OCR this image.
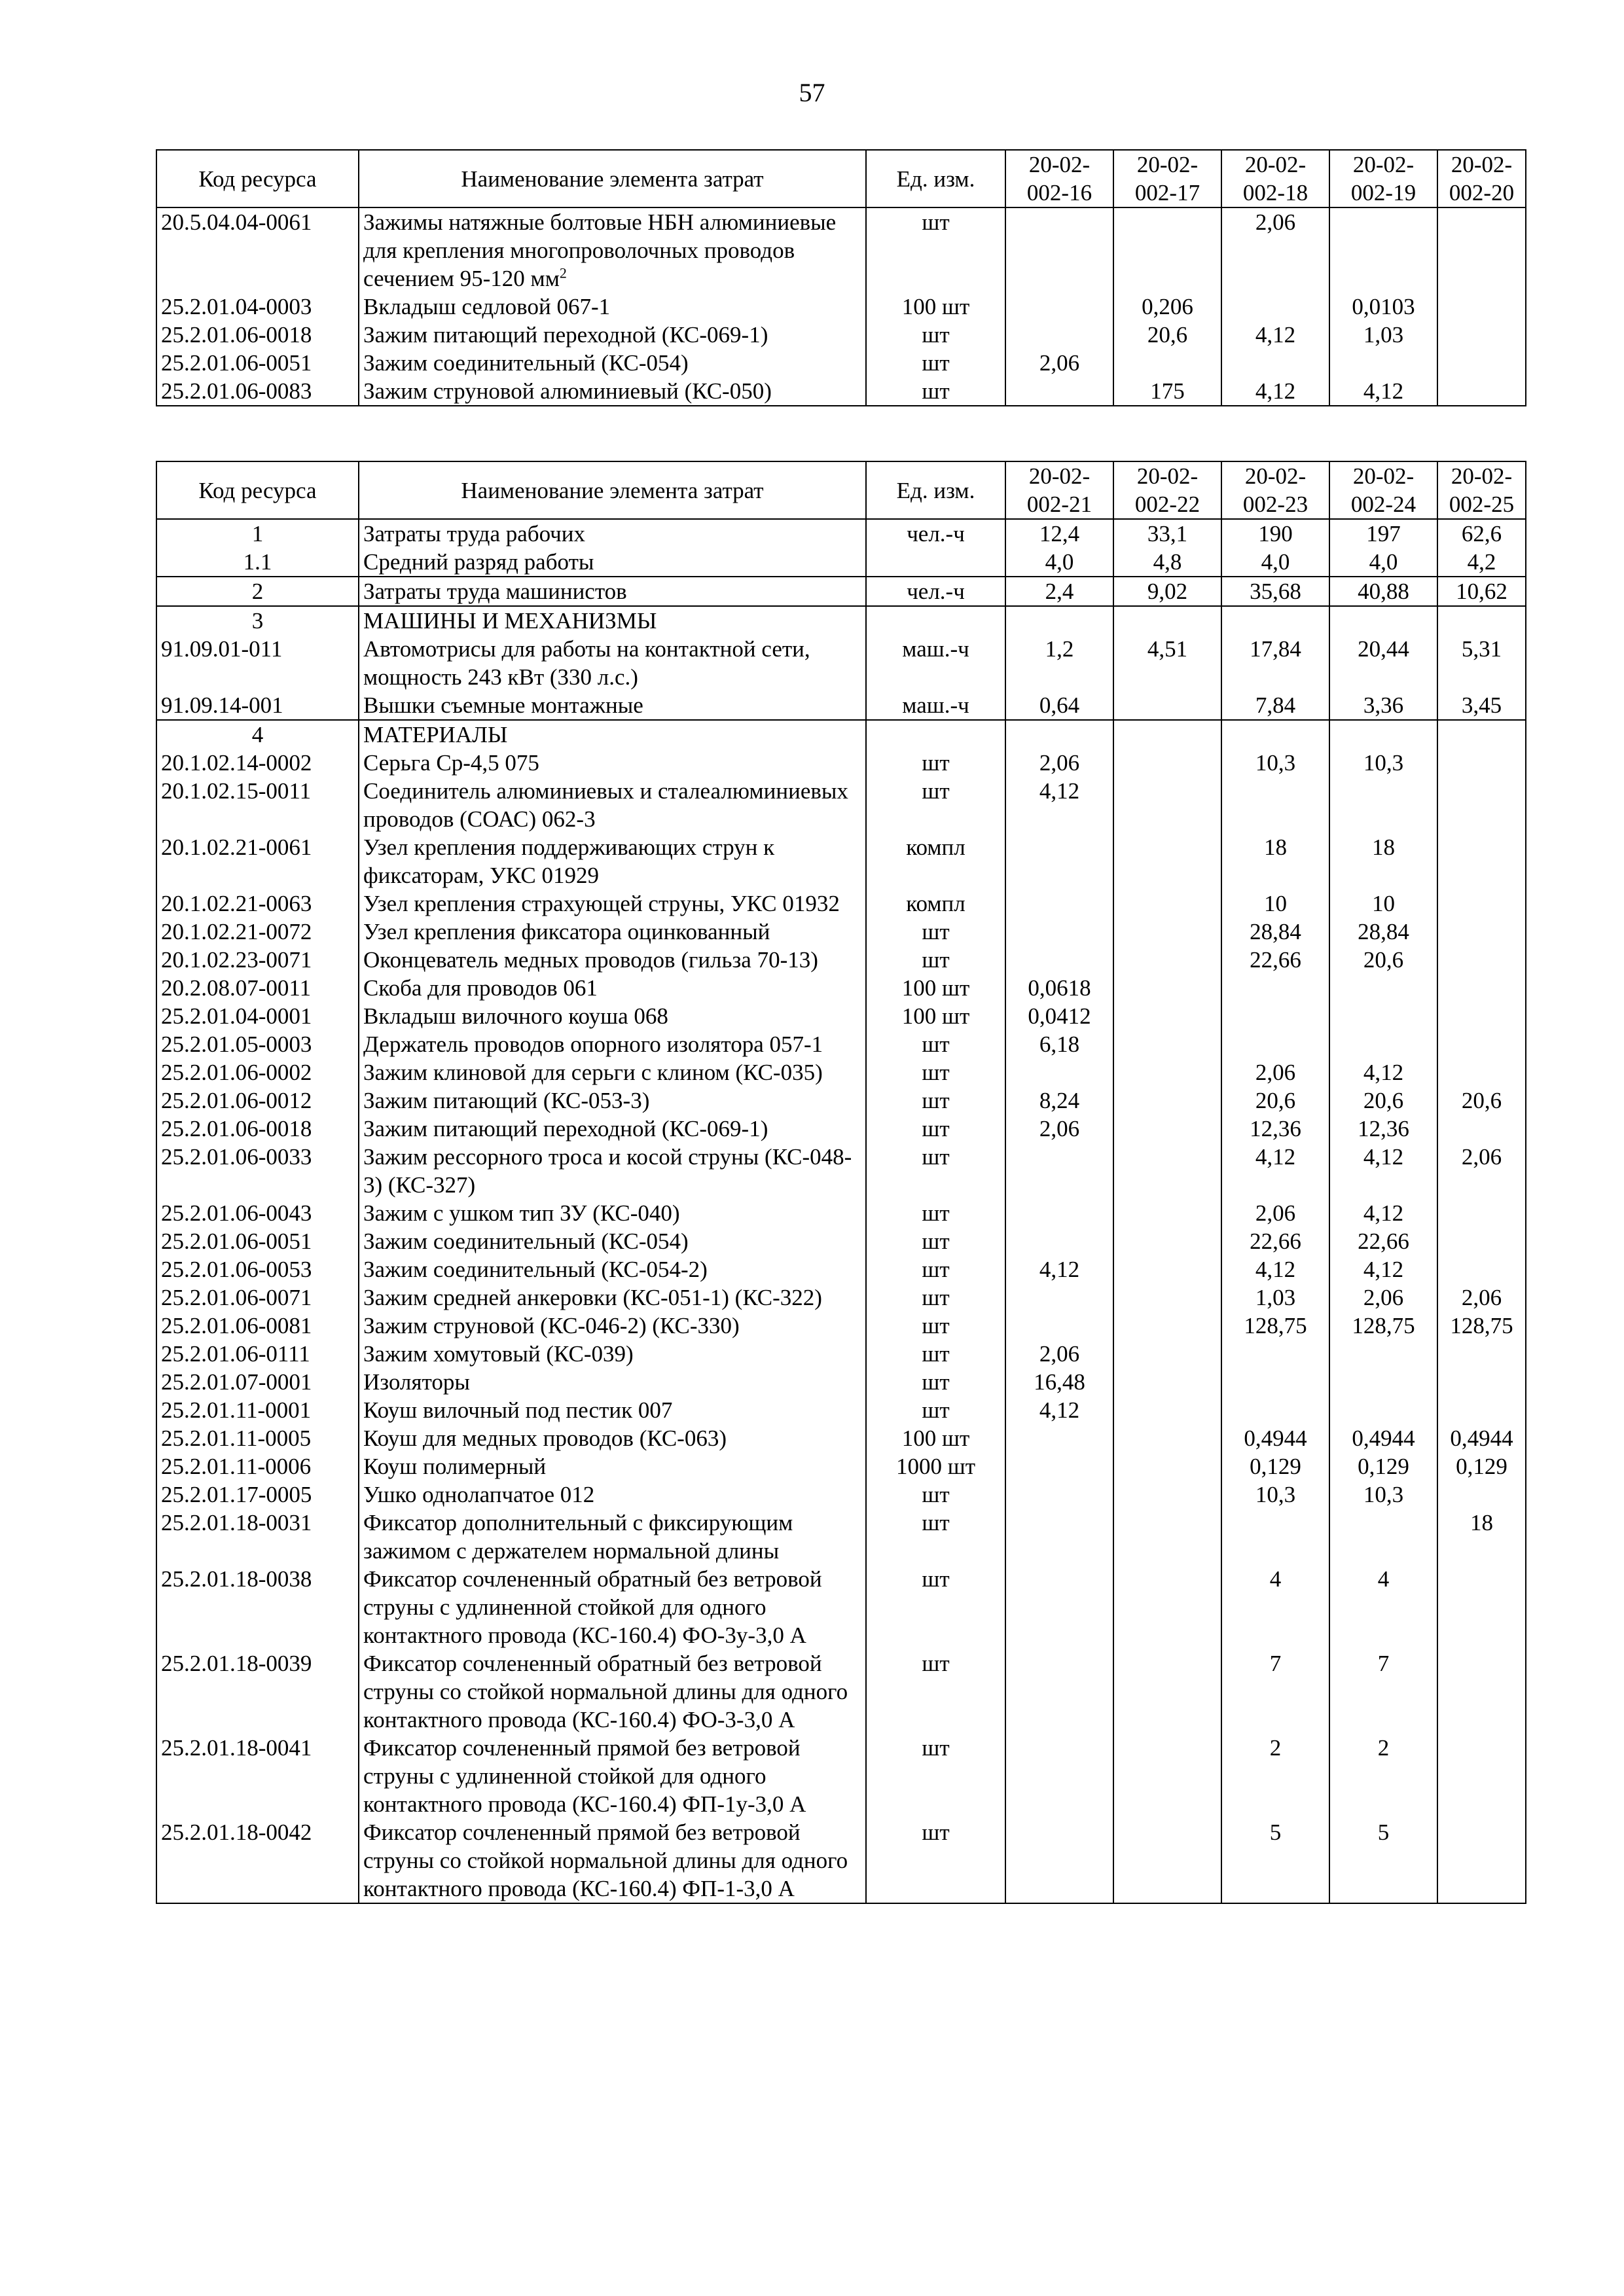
57
Код ресурса	Наименование элемента затрат	Ед. изм.	20-02-002-16	20-02-002-17	20-02-002-18	20-02-002-19	20-02-002-20
20.5.04.04-0061	Зажимы натяжные болтовые НБН алюминиевые для крепления многопроволочных проводов сечением 95-120 $мм^2$	шт			2,06		
25.2.01.04-0003	Вкладыш седловой 067-1	100 шт		0,206		0,0103	
25.2.01.06-0018	Зажим питающий переходной (КС-069-1)	шт		20,6	4,12	1,03	
25.2.01.06-0051	Зажим соединительный (КС-054)	шт	2,06				
25.2.01.06-0083	Зажим струновой алюминиевый (КС-050)	шт		175	4,12	4,12	
Код ресурса	Наименование элемента затрат	Ед. изм.	20-02-002-21	20-02-002-22	20-02-002-23	20-02-002-24	20-02-002-25
1	Затраты труда рабочих	чел.-ч	12,4	33,1	190	197	62,6
1.1	Средний разряд работы		4,0	4,8	4,0	4,0	4,2
2	Затраты труда машинистов	чел.-ч	2,4	9,02	35,68	40,88	10,62
3	МАШИНЫ И МЕХАНИЗМЫ						
91.09.01-011	Автомотрисы для работы на контактной сети, мощность 243 кВт (330 л.с.)	маш.-ч	1,2	4,51	17,84	20,44	5,31
91.09.14-001	Вышки съемные монтажные	маш.-ч	0,64		7,84	3,36	3,45
4	МАТЕРИАЛЫ						
20.1.02.14-0002	Серьга Ср-4,5 075	шт	2,06		10,3	10,3	
20.1.02.15-0011	Соединитель алюминиевых и сталеалюминиевых проводов (СОАС) 062-3	шт	4,12				
20.1.02.21-0061	Узел крепления поддерживающих струн к фиксаторам, УКС 01929	компл			18	18	
20.1.02.21-0063	Узел крепления страхующей струны, УКС 01932	компл			10	10	
20.1.02.21-0072	Узел крепления фиксатора оцинкованный	шт			28,84	28,84	
20.1.02.23-0071	Оконцеватель медных проводов (гильза 70-13)	шт			22,66	20,6	
20.2.08.07-0011	Скоба для проводов 061	100 шт	0,0618				
25.2.01.04-0001	Вкладыш вилочного коуша 068	100 шт	0,0412				
25.2.01.05-0003	Держатель проводов опорного изолятора 057-1	шт	6,18				
25.2.01.06-0002	Зажим клиновой для серьги с клином (КС-035)	шт			2,06	4,12	
25.2.01.06-0012	Зажим питающий (КС-053-3)	шт	8,24		20,6	20,6	20,6
25.2.01.06-0018	Зажим питающий переходной (КС-069-1)	шт	2,06		12,36	12,36	
25.2.01.06-0033	Зажим рессорного троса и косой струны (КС-048-3) (КС-327)	шт			4,12	4,12	2,06
25.2.01.06-0043	Зажим с ушком тип ЗУ (КС-040)	шт			2,06	4,12	
25.2.01.06-0051	Зажим соединительный (КС-054)	шт			22,66	22,66	
25.2.01.06-0053	Зажим соединительный (КС-054-2)	шт	4,12		4,12	4,12	
25.2.01.06-0071	Зажим средней анкеровки (КС-051-1) (КС-322)	шт			1,03	2,06	2,06
25.2.01.06-0081	Зажим струновой (КС-046-2) (КС-330)	шт			128,75	128,75	128,75
25.2.01.06-0111	Зажим хомутовый (КС-039)	шт	2,06				
25.2.01.07-0001	Изоляторы	шт	16,48				
25.2.01.11-0001	Коуш вилочный под пестик 007	шт	4,12				
25.2.01.11-0005	Коуш для медных проводов (КС-063)	100 шт			0,4944	0,4944	0,4944
25.2.01.11-0006	Коуш полимерный	1000 шт			0,129	0,129	0,129
25.2.01.17-0005	Ушко однолапчатое 012	шт			10,3	10,3	
25.2.01.18-0031	Фиксатор дополнительный с фиксирующим зажимом с держателем нормальной длины	шт					18
25.2.01.18-0038	Фиксатор сочлененный обратный без ветровой струны с удлиненной стойкой для одного контактного провода (КС-160.4) ФО-3у-3,0 А	шт			4	4	
25.2.01.18-0039	Фиксатор сочлененный обратный без ветровой струны со стойкой нормальной длины для одного контактного провода (КС-160.4) ФО-3-3,0 А	шт			7	7	
25.2.01.18-0041	Фиксатор сочлененный прямой без ветровой струны с удлиненной стойкой для одного контактного провода (КС-160.4) ФП-1у-3,0 А	шт			2	2	
25.2.01.18-0042	Фиксатор сочлененный прямой без ветровой струны со стойкой нормальной длины для одного контактного провода (КС-160.4) ФП-1-3,0 А	шт			5	5	
